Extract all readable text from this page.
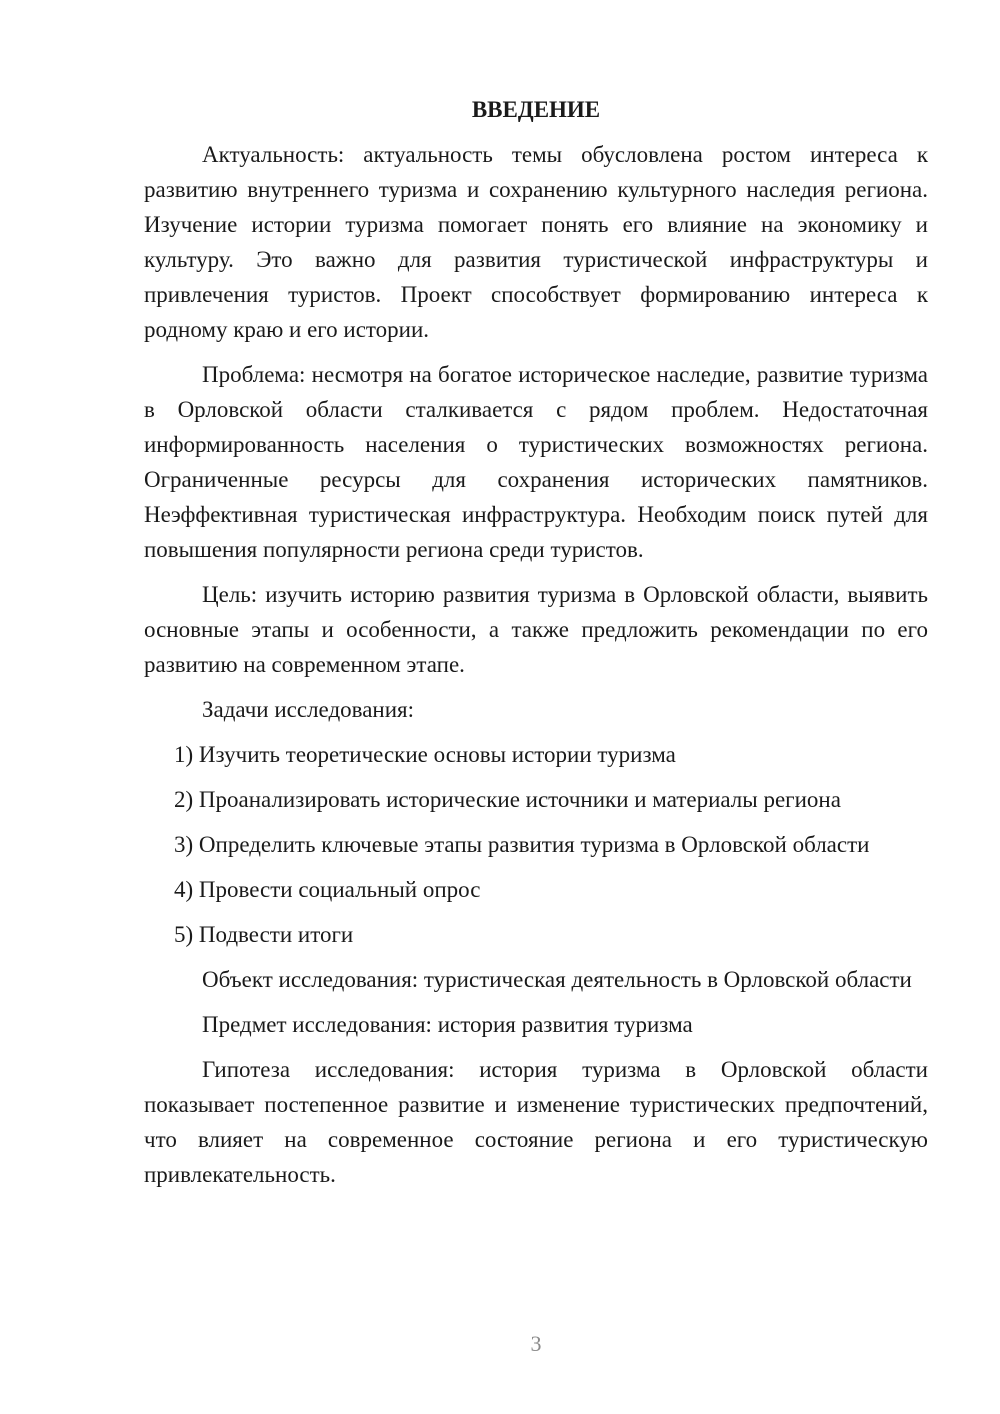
ВВЕДЕНИЕ

Актуальность: актуальность темы обусловлена ростом интереса к развитию внутреннего туризма и сохранению культурного наследия региона. Изучение истории туризма помогает понять его влияние на экономику и культуру. Это важно для развития туристической инфраструктуры и привлечения туристов. Проект способствует формированию интереса к родному краю и его истории.

Проблема: несмотря на богатое историческое наследие, развитие туризма в Орловской области сталкивается с рядом проблем. Недостаточная информированность населения о туристических возможностях региона. Ограниченные ресурсы для сохранения исторических памятников. Неэффективная туристическая инфраструктура. Необходим поиск путей для повышения популярности региона среди туристов.

Цель: изучить историю развития туризма в Орловской области, выявить основные этапы и особенности, а также предложить рекомендации по его развитию на современном этапе.

Задачи исследования:

1) Изучить теоретические основы истории туризма

2) Проанализировать исторические источники и материалы региона

3) Определить ключевые этапы развития туризма в Орловской области

4) Провести социальный опрос

5) Подвести итоги

Объект исследования: туристическая деятельность в Орловской области

Предмет исследования: история развития туризма

Гипотеза исследования: история туризма в Орловской области показывает постепенное развитие и изменение туристических предпочтений, что влияет на современное состояние региона и его туристическую привлекательность.

3
